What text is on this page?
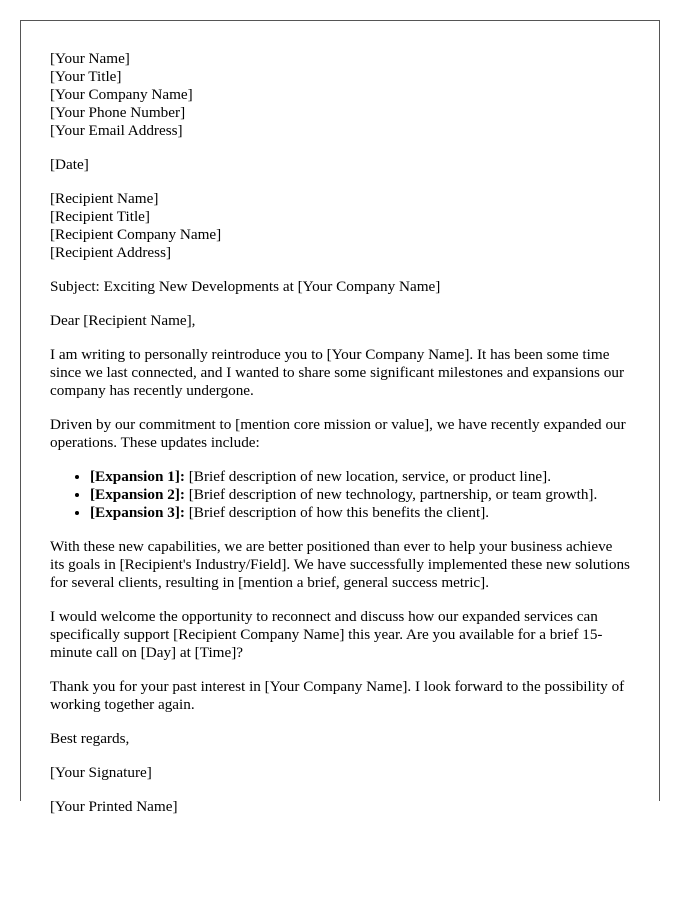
[Your Name]
[Your Title]
[Your Company Name]
[Your Phone Number]
[Your Email Address]

[Date]

[Recipient Name]
[Recipient Title]
[Recipient Company Name]
[Recipient Address]

Subject: Exciting New Developments at [Your Company Name]

Dear [Recipient Name],

I am writing to personally reintroduce you to [Your Company Name]. It has been some time since we last connected, and I wanted to share some significant milestones and expansions our company has recently undergone.

Driven by our commitment to [mention core mission or value], we have recently expanded our operations. These updates include:

• [Expansion 1]: [Brief description of new location, service, or product line].
• [Expansion 2]: [Brief description of new technology, partnership, or team growth].
• [Expansion 3]: [Brief description of how this benefits the client].

With these new capabilities, we are better positioned than ever to help your business achieve its goals in [Recipient's Industry/Field]. We have successfully implemented these new solutions for several clients, resulting in [mention a brief, general success metric].

I would welcome the opportunity to reconnect and discuss how our expanded services can specifically support [Recipient Company Name] this year. Are you available for a brief 15-minute call on [Day] at [Time]?

Thank you for your past interest in [Your Company Name]. I look forward to the possibility of working together again.

Best regards,

[Your Signature]

[Your Printed Name]
